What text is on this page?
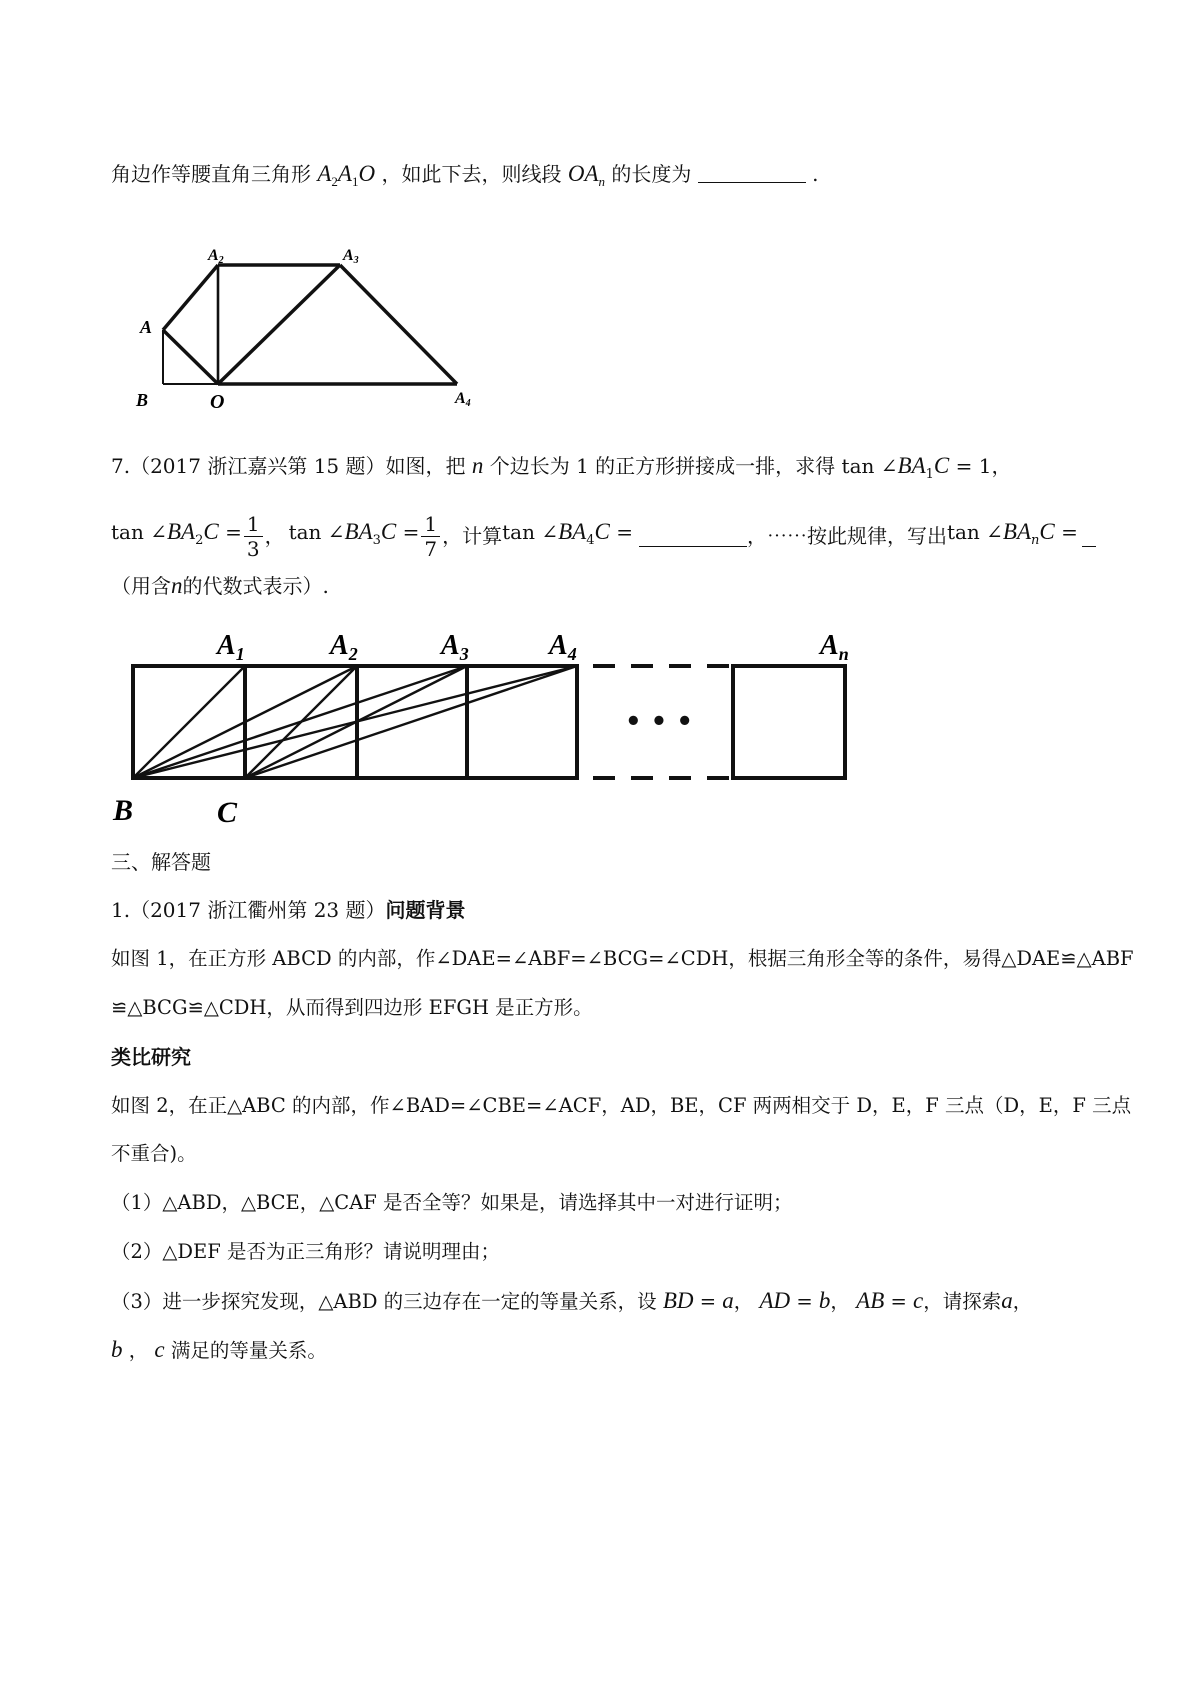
角边作等腰直角三角形 $A_2A_1O$ ，如此下去，则线段 $OA_n$ 的长度为	.
A
A2	A3
B	O	A4
7.（2017 浙江嘉兴第 15 题）如图，把 n 个边长为 1 的正方形拼接成一排，求得 $\tan \angle BA_1C = 1$，
$\tan \angle BA_2C = \frac{1}{3}$ ， $\tan \angle BA_3C = \frac{1}{7}$ ，计算 $\tan \angle BA_4C$ =	，⋯⋯按此规律，写出 $\tan \angle BA_nC$ =
（用含n的代数式表示）.
• • •
$A_1$	$A_2$	$A_3$	$A_4$	$A_n$
B	C
三、解答题
1.（2017 浙江衢州第 23 题）问题背景
如图 1，在正方形 ABCD 的内部，作∠DAE=∠ABF=∠BCG=∠CDH，根据三角形全等的条件，易得△DAE≌△ABF
≌△BCG≌△CDH，从而得到四边形 EFGH 是正方形。
类比研究
如图 2，在正△ABC 的内部，作∠BAD=∠CBE=∠ACF，AD，BE，CF 两两相交于 D，E，F 三点（D，E，F 三点
不重合)。
（1）△ABD，△BCE，△CAF 是否全等？如果是，请选择其中一对进行证明；
（2）△DEF 是否为正三角形？请说明理由；
（3）进一步探究发现，△ABD 的三边存在一定的等量关系，设 BD = a， AD = b， AB = c，请探索a，
b ， c 满足的等量关系。
